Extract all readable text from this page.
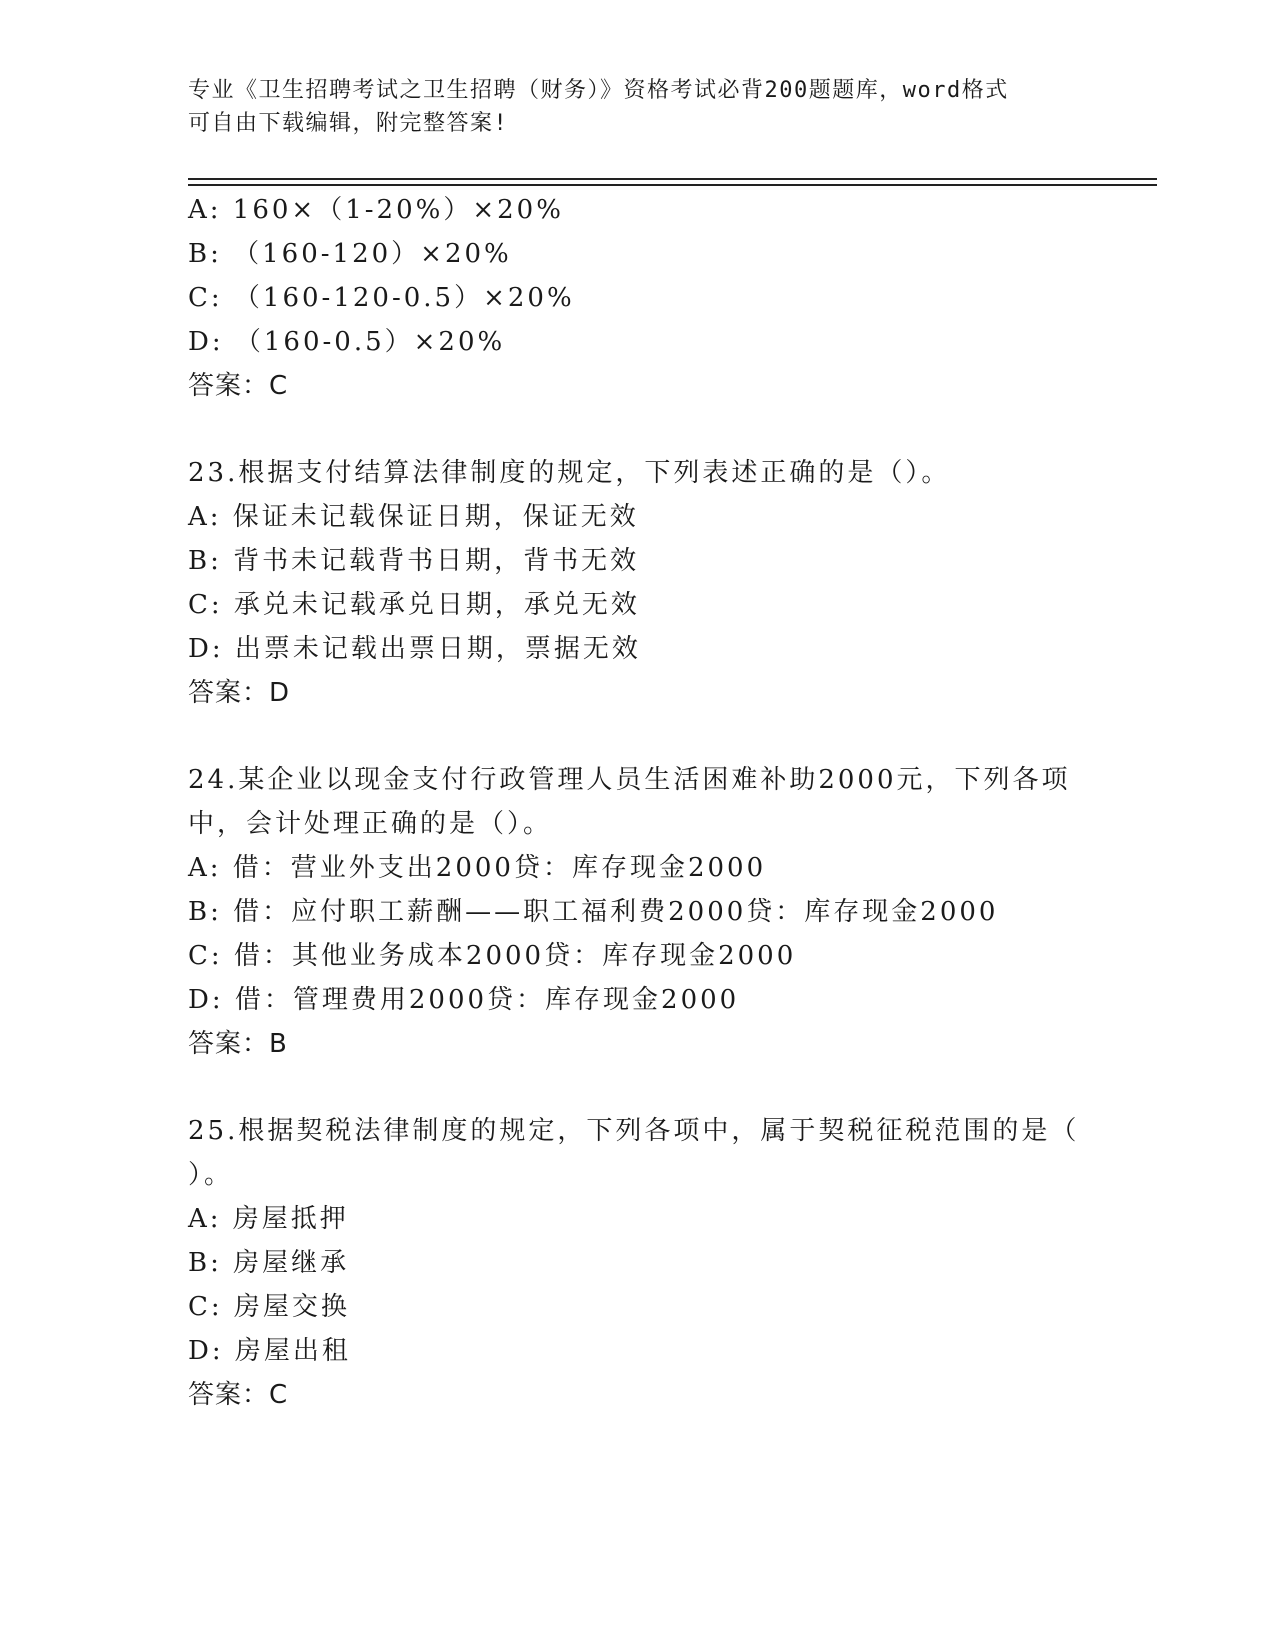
专业《卫生招聘考试之卫生招聘（财务）》资格考试必背200题题库，word格式
可自由下载编辑，附完整答案!
A: 160×（1-20%）×20%
B: （160-120）×20%
C: （160-120-0.5）×20%
D: （160-0.5）×20%
答案：C
23.根据支付结算法律制度的规定，下列表述正确的是（）。
A: 保证未记载保证日期，保证无效
B: 背书未记载背书日期，背书无效
C: 承兑未记载承兑日期，承兑无效
D: 出票未记载出票日期，票据无效
答案：D
24.某企业以现金支付行政管理人员生活困难补助2000元，下列各项
中，会计处理正确的是（）。
A: 借：营业外支出2000贷：库存现金2000
B: 借：应付职工薪酬——职工福利费2000贷：库存现金2000
C: 借：其他业务成本2000贷：库存现金2000
D: 借：管理费用2000贷：库存现金2000
答案：B
25.根据契税法律制度的规定，下列各项中，属于契税征税范围的是（
）。
A: 房屋抵押
B: 房屋继承
C: 房屋交换
D: 房屋出租
答案：C
